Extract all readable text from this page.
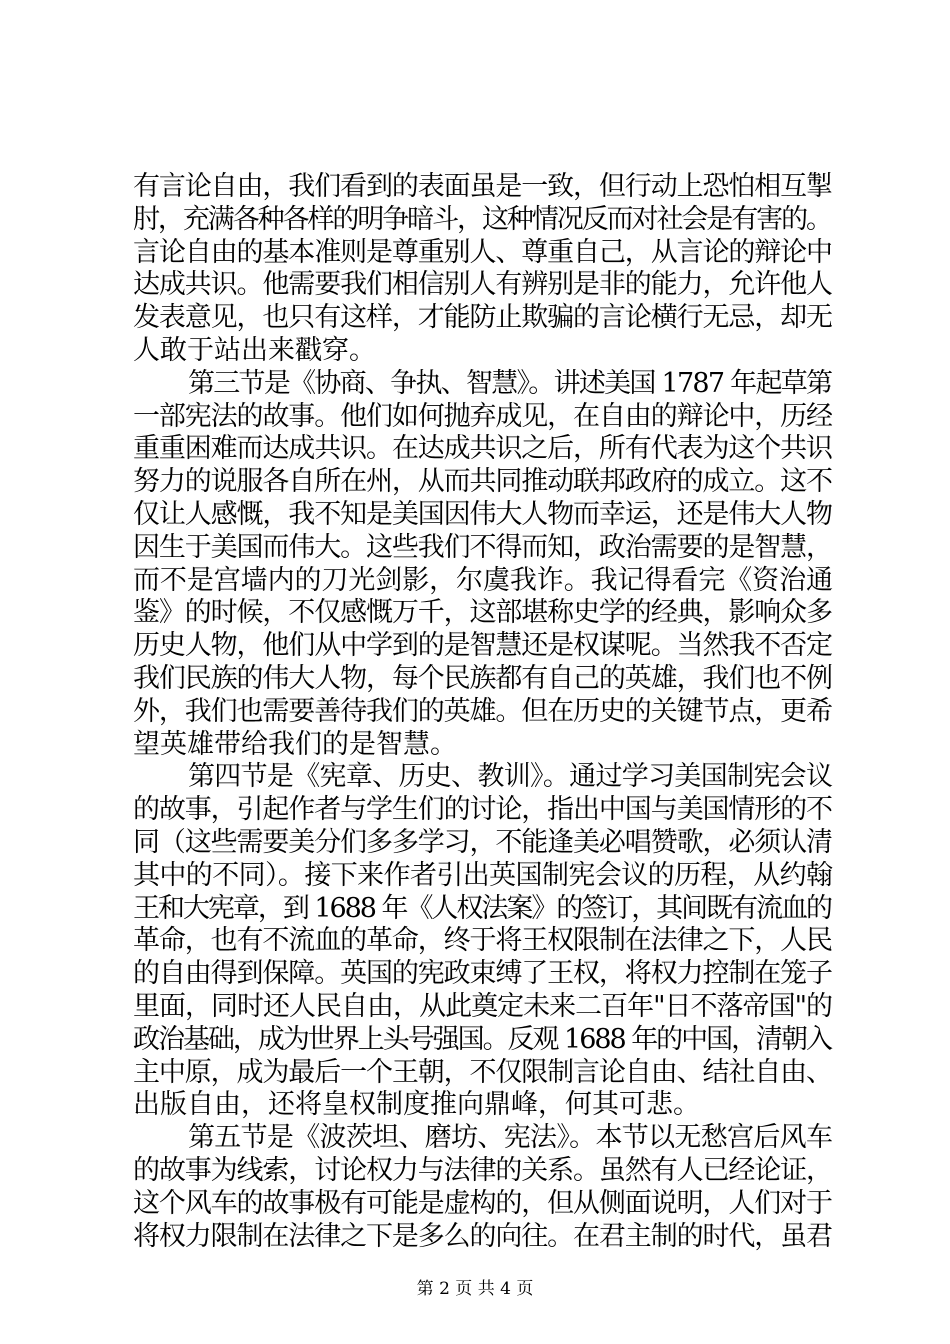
有言论自由，我们看到的表面虽是一致，但行动上恐怕相互掣
肘，充满各种各样的明争暗斗，这种情况反而对社会是有害的。
言论自由的基本准则是尊重别人、尊重自己，从言论的辩论中
达成共识。他需要我们相信别人有辨别是非的能力，允许他人
发表意见，也只有这样，才能防止欺骗的言论横行无忌，却无
人敢于站出来戳穿。
第三节是《协商、争执、智慧》。讲述美国 1787 年起草第
一部宪法的故事。他们如何抛弃成见，在自由的辩论中，历经
重重困难而达成共识。在达成共识之后，所有代表为这个共识
努力的说服各自所在州，从而共同推动联邦政府的成立。这不
仅让人感慨，我不知是美国因伟大人物而幸运，还是伟大人物
因生于美国而伟大。这些我们不得而知，政治需要的是智慧，
而不是宫墙内的刀光剑影，尔虞我诈。我记得看完《资治通
鉴》的时候，不仅感慨万千，这部堪称史学的经典，影响众多
历史人物，他们从中学到的是智慧还是权谋呢。当然我不否定
我们民族的伟大人物，每个民族都有自己的英雄，我们也不例
外，我们也需要善待我们的英雄。但在历史的关键节点，更希
望英雄带给我们的是智慧。
第四节是《宪章、历史、教训》。通过学习美国制宪会议
的故事，引起作者与学生们的讨论，指出中国与美国情形的不
同（这些需要美分们多多学习，不能逢美必唱赞歌，必须认清
其中的不同）。接下来作者引出英国制宪会议的历程，从约翰
王和大宪章，到 1688 年《人权法案》的签订，其间既有流血的
革命，也有不流血的革命，终于将王权限制在法律之下，人民
的自由得到保障。英国的宪政束缚了王权，将权力控制在笼子
里面，同时还人民自由，从此奠定未来二百年"日不落帝国"的
政治基础，成为世界上头号强国。反观 1688 年的中国，清朝入
主中原，成为最后一个王朝，不仅限制言论自由、结社自由、
出版自由，还将皇权制度推向鼎峰，何其可悲。
第五节是《波茨坦、磨坊、宪法》。本节以无愁宫后风车
的故事为线索，讨论权力与法律的关系。虽然有人已经论证，
这个风车的故事极有可能是虚构的，但从侧面说明，人们对于
将权力限制在法律之下是多么的向往。在君主制的时代，虽君
第 2 页 共 4 页
